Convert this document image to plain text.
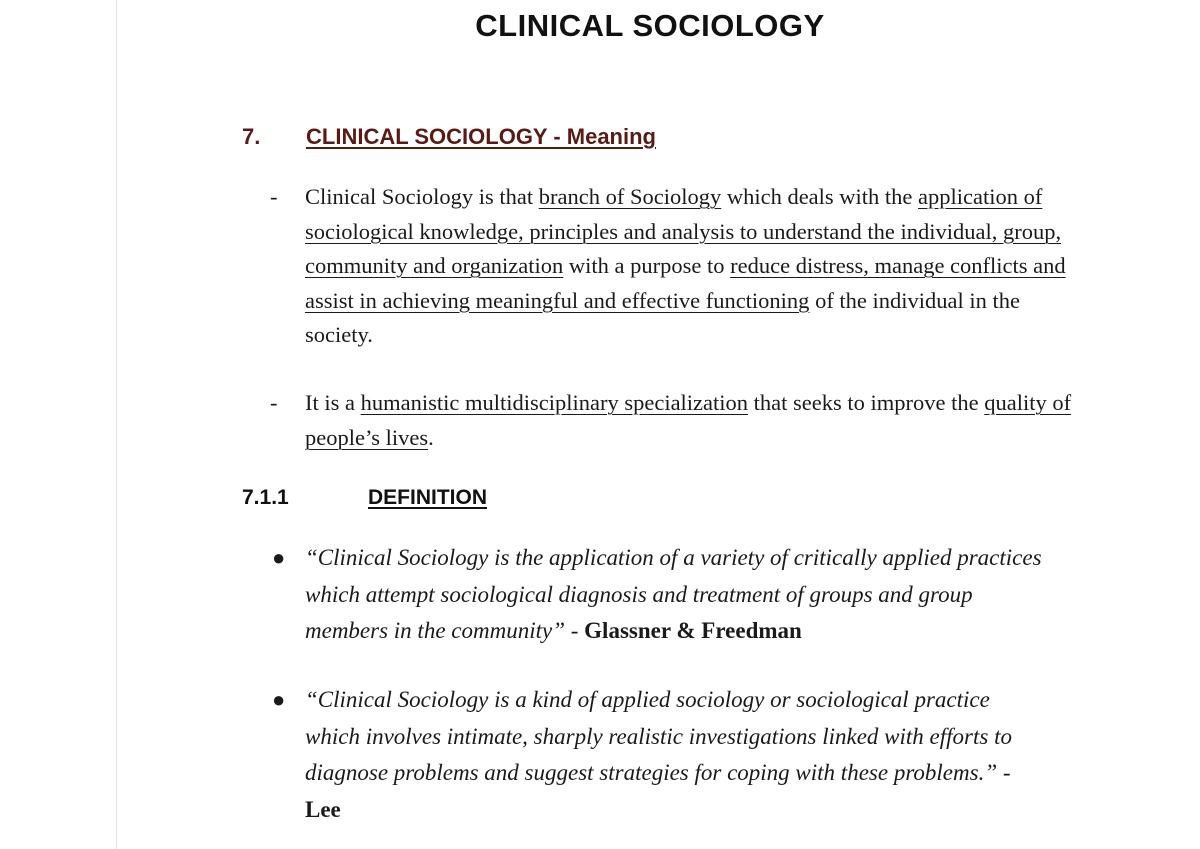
CLINICAL SOCIOLOGY
7. CLINICAL SOCIOLOGY - Meaning
- Clinical Sociology is that branch of Sociology which deals with the application of sociological knowledge, principles and analysis to understand the individual, group, community and organization with a purpose to reduce distress, manage conflicts and assist in achieving meaningful and effective functioning of the individual in the society.
- It is a humanistic multidisciplinary specialization that seeks to improve the quality of people’s lives.
7.1.1	DEFINITION
● “Clinical Sociology is the application of a variety of critically applied practices which attempt sociological diagnosis and treatment of groups and group members in the community” - Glassner & Freedman
● “Clinical Sociology is a kind of applied sociology or sociological practice which involves intimate, sharply realistic investigations linked with efforts to diagnose problems and suggest strategies for coping with these problems.” - Lee
